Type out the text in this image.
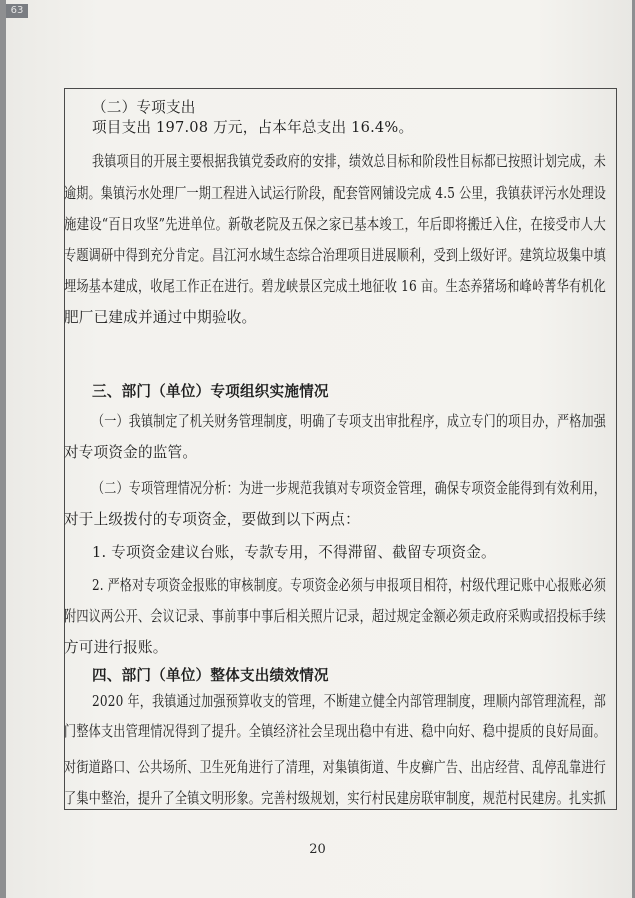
63

（二）专项支出

项目支出 197.08 万元，占本年总支出 16.4%。

我镇项目的开展主要根据我镇党委政府的安排，绩效总目标和阶段性目标都已按照计划完成，未

逾期。集镇污水处理厂一期工程进入试运行阶段，配套管网铺设完成 4.5 公里，我镇获评污水处理设

施建设“百日攻坚”先进单位。新敬老院及五保之家已基本竣工，年后即将搬迁入住，在接受市人大

专题调研中得到充分肯定。昌江河水域生态综合治理项目进展顺利，受到上级好评。建筑垃圾集中填

埋场基本建成，收尾工作正在进行。碧龙峡景区完成土地征收 16 亩。生态养猪场和峰岭菁华有机化

肥厂已建成并通过中期验收。

三、部门（单位）专项组织实施情况

（一）我镇制定了机关财务管理制度，明确了专项支出审批程序，成立专门的项目办，严格加强

对专项资金的监管。

（二）专项管理情况分析：为进一步规范我镇对专项资金管理，确保专项资金能得到有效利用，

对于上级拨付的专项资金，要做到以下两点：

1. 专项资金建议台账，专款专用，不得滞留、截留专项资金。

2. 严格对专项资金报账的审核制度。专项资金必须与申报项目相符，村级代理记账中心报账必须

附四议两公开、会议记录、事前事中事后相关照片记录，超过规定金额必须走政府采购或招投标手续

方可进行报账。

四、部门（单位）整体支出绩效情况

2020 年，我镇通过加强预算收支的管理，不断建立健全内部管理制度，理顺内部管理流程，部

门整体支出管理情况得到了提升。全镇经济社会呈现出稳中有进、稳中向好、稳中提质的良好局面。

对街道路口、公共场所、卫生死角进行了清理，对集镇街道、牛皮癣广告、出店经营、乱停乱靠进行

了集中整治，提升了全镇文明形象。完善村级规划，实行村民建房联审制度，规范村民建房。扎实抓

20
